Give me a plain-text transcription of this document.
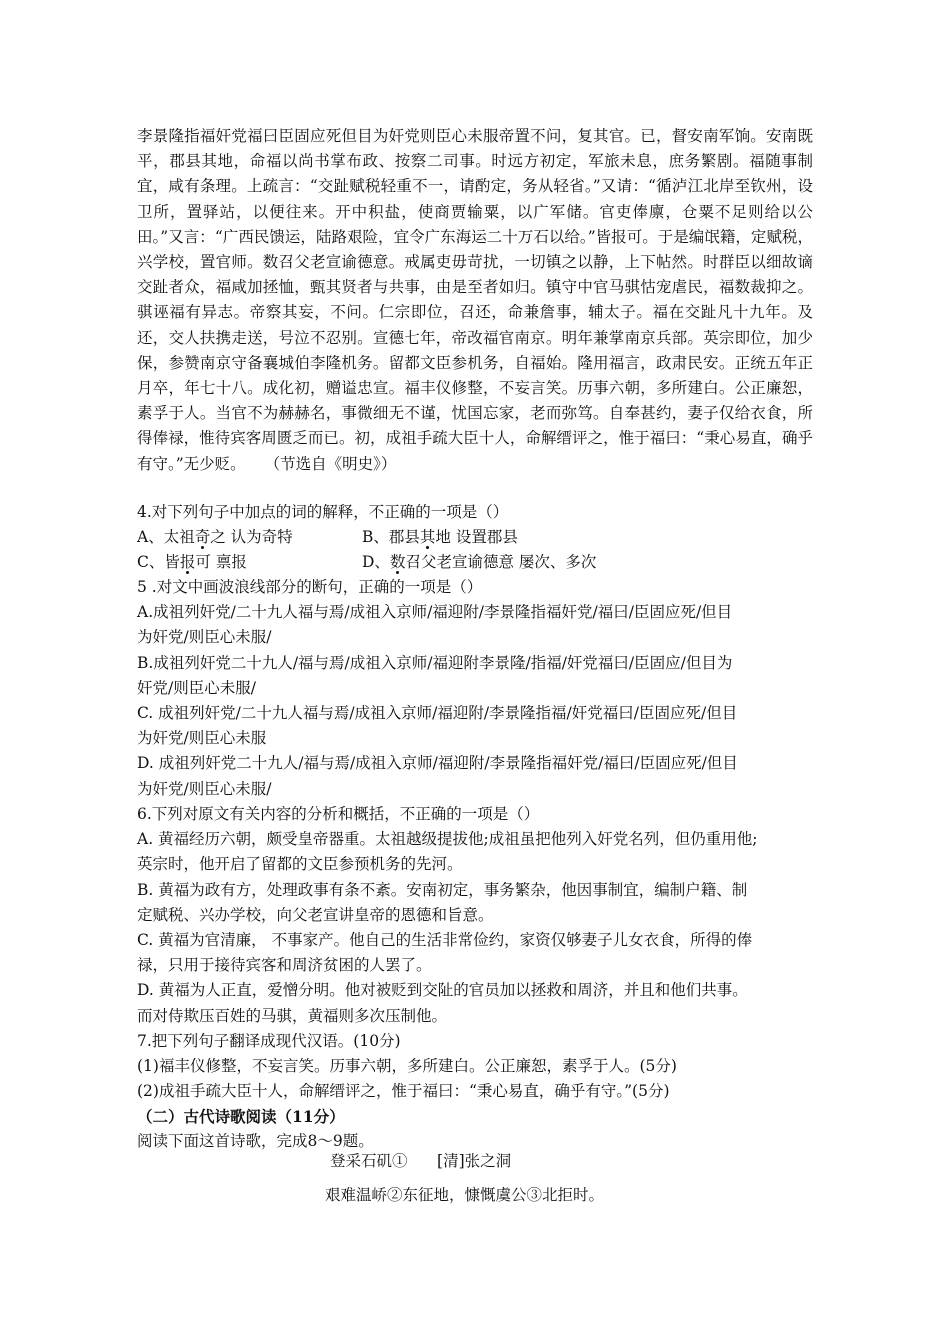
李景隆指福奸党福曰臣固应死但目为奸党则臣心未服帝置不问，复其官。已，督安南军饷。安南既平，郡县其地，命福以尚书掌布政、按察二司事。时远方初定，军旅未息，庶务繁剧。福随事制宜，咸有条理。上疏言：“交趾赋税轻重不一，请酌定，务从轻省。”又请：“循泸江北岸至钦州，设卫所，置驿站，以便往来。开中积盐，使商贾输粟，以广军储。官吏俸廪，仓粟不足则给以公田。”又言：“广西民馈运，陆路艰险，宜令广东海运二十万石以给。”皆报可。于是编氓籍，定赋税，兴学校，置官师。数召父老宣谕德意。戒属吏毋苛扰，一切镇之以静，上下帖然。时群臣以细故谪交趾者众，福咸加拯恤，甄其贤者与共事，由是至者如归。镇守中官马骐怙宠虐民，福数裁抑之。骐诬福有异志。帝察其妄，不问。仁宗即位，召还，命兼詹事，辅太子。福在交趾凡十九年。及还，交人扶携走送，号泣不忍别。宣德七年，帝改福官南京。明年兼掌南京兵部。英宗即位，加少保，参赞南京守备襄城伯李隆机务。留都文臣参机务，自福始。隆用福言，政肃民安。正统五年正月卒，年七十八。成化初，赠谥忠宣。福丰仪修整，不妄言笑。历事六朝，多所建白。公正廉恕，素孚于人。当官不为赫赫名，事微细无不谨，忧国忘家，老而弥笃。自奉甚约，妻子仅给衣食，所得俸禄，惟待宾客周匮乏而已。初，成祖手疏大臣十人，命解缙评之，惟于福曰：“秉心易直，确乎有守。”无少贬。 （节选自《明史》）
4.对下列句子中加点的词的解释，不正确的一项是（）
A、太祖奇之 认为奇特	B、郡县其地 设置郡县
C、皆报可 禀报	D、数召父老宣谕德意 屡次、多次
5 .对文中画波浪线部分的断句，正确的一项是（）
A.成祖列奸党/二十九人福与焉/成祖入京师/福迎附/李景隆指福奸党/福曰/臣固应死/但目
为奸党/则臣心未服/
B.成祖列奸党二十九人/福与焉/成祖入京师/福迎附李景隆/指福/奸党福曰/臣固应/但目为
奸党/则臣心未服/
C. 成祖列奸党/二十九人福与焉/成祖入京师/福迎附/李景隆指福/奸党福曰/臣固应死/但目
为奸党/则臣心未服
D. 成祖列奸党二十九人/福与焉/成祖入京师/福迎附/李景隆指福奸党/福曰/臣固应死/但目
为奸党/则臣心未服/
6.下列对原文有关内容的分析和概括，不正确的一项是（）
A. 黄福经历六朝，颇受皇帝器重。太祖越级提拔他;成祖虽把他列入奸党名列，但仍重用他;
英宗时，他开启了留都的文臣参预机务的先河。
B. 黄福为政有方，处理政事有条不紊。安南初定，事务繁杂，他因事制宜，编制户籍、制
定赋税、兴办学校，向父老宣讲皇帝的恩德和旨意。
C. 黄福为官清廉， 不事家产。他自己的生活非常俭约，家资仅够妻子儿女衣食，所得的俸
禄，只用于接待宾客和周济贫困的人罢了。
D. 黄福为人正直，爱憎分明。他对被贬到交阯的官员加以拯救和周济，并且和他们共事。
而对侍欺压百姓的马骐，黄福则多次压制他。
7.把下列句子翻译成现代汉语。(10分)
(1)福丰仪修整，不妄言笑。历事六朝，多所建白。公正廉恕，素孚于人。(5分)
(2)成祖手疏大臣十人，命解缙评之，惟于福曰：“秉心易直，确乎有守。”(5分)
（二）古代诗歌阅读（11分）
阅读下面这首诗歌，完成8～9题。
登采石矶①      [清]张之洞
艰难温峤②东征地，慷慨虞公③北拒时。
